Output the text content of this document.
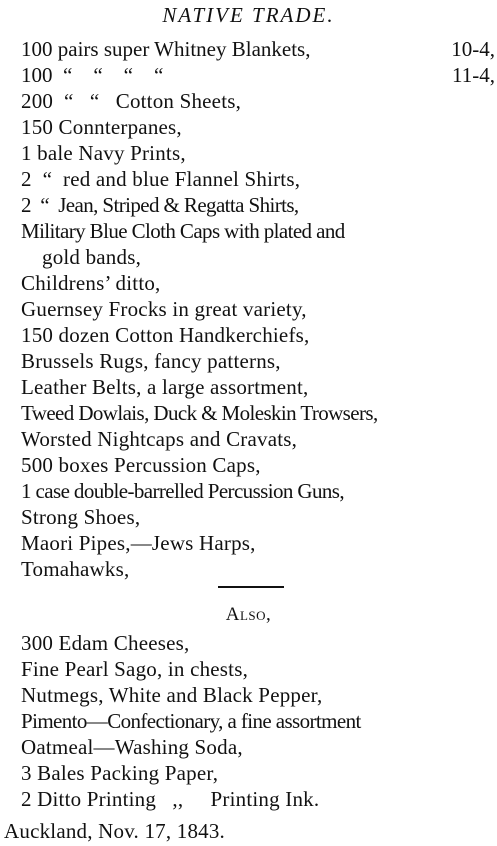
NATIVE TRADE.
100 pairs super Whitney Blankets,	10-4,
100  “    “    “    “	11-4,
200  “   “   Cotton Sheets,
150 Connterpanes,
1 bale Navy Prints,
2  “  red and blue Flannel Shirts,
2  “  Jean, Striped & Regatta Shirts,
Military Blue Cloth Caps with plated and
gold bands,
Childrens’ ditto,
Guernsey Frocks in great variety,
150 dozen Cotton Handkerchiefs,
Brussels Rugs, fancy patterns,
Leather Belts, a large assortment,
Tweed Dowlais, Duck & Moleskin Trowsers,
Worsted Nightcaps and Cravats,
500 boxes Percussion Caps,
1 case double-barrelled Percussion Guns,
Strong Shoes,
Maori Pipes,—Jews Harps,
Tomahawks,
Also,
300 Edam Cheeses,
Fine Pearl Sago, in chests,
Nutmegs, White and Black Pepper,
Pimento—Confectionary, a fine assortment
Oatmeal—Washing Soda,
3 Bales Packing Paper,
2 Ditto Printing   ,,     Printing Ink.
Auckland, Nov. 17, 1843.
